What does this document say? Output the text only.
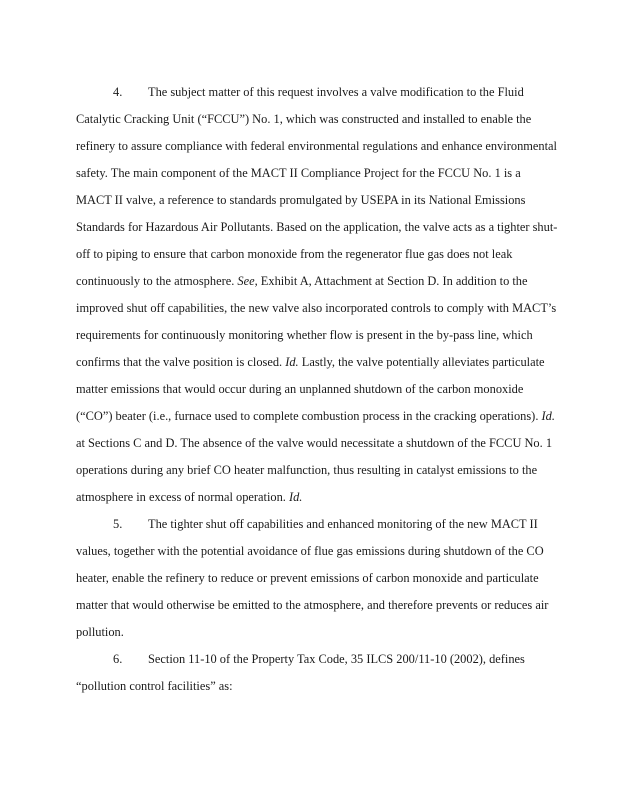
4. The subject matter of this request involves a valve modification to the Fluid
Catalytic Cracking Unit (“FCCU”) No. 1, which was constructed and installed to enable the
refinery to assure compliance with federal environmental regulations and enhance environmental
safety. The main component of the MACT II Compliance Project for the FCCU No. 1 is a
MACT II valve, a reference to standards promulgated by USEPA in its National Emissions
Standards for Hazardous Air Pollutants. Based on the application, the valve acts as a tighter shut-
off to piping to ensure that carbon monoxide from the regenerator flue gas does not leak
continuously to the atmosphere. See, Exhibit A, Attachment at Section D. In addition to the
improved shut off capabilities, the new valve also incorporated controls to comply with MACT’s
requirements for continuously monitoring whether flow is present in the by-pass line, which
confirms that the valve position is closed. Id. Lastly, the valve potentially alleviates particulate
matter emissions that would occur during an unplanned shutdown of the carbon monoxide
(“CO”) beater (i.e., furnace used to complete combustion process in the cracking operations). Id.
at Sections C and D. The absence of the valve would necessitate a shutdown of the FCCU No. 1
operations during any brief CO heater malfunction, thus resulting in catalyst emissions to the
atmosphere in excess of normal operation. Id.
5. The tighter shut off capabilities and enhanced monitoring of the new MACT II
values, together with the potential avoidance of flue gas emissions during shutdown of the CO
heater, enable the refinery to reduce or prevent emissions of carbon monoxide and particulate
matter that would otherwise be emitted to the atmosphere, and therefore prevents or reduces air
pollution.
6. Section 11-10 of the Property Tax Code, 35 ILCS 200/11-10 (2002), defines
“pollution control facilities” as:
